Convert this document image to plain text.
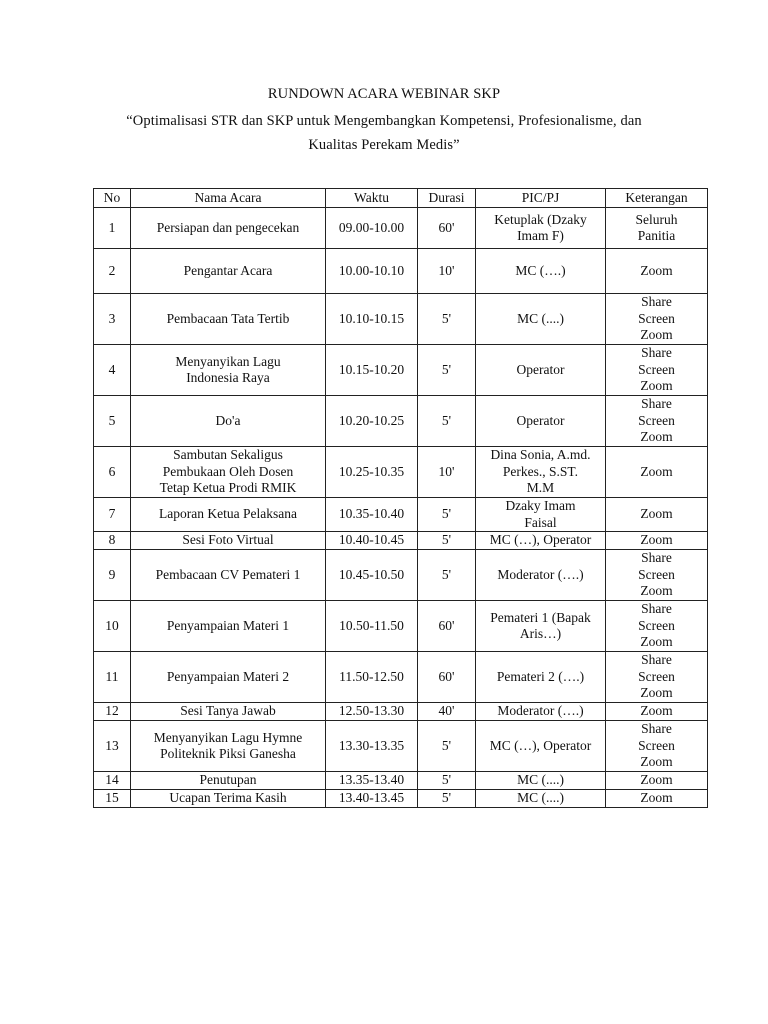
RUNDOWN ACARA WEBINAR SKP
“Optimalisasi STR dan SKP untuk Mengembangkan Kompetensi, Profesionalisme, dan
Kualitas Perekam Medis”
No	Nama Acara	Waktu	Durasi	PIC/PJ	Keterangan
1	Persiapan dan pengecekan	09.00-10.00	60'	Ketuplak (Dzaky
Imam F)	Seluruh
Panitia

2	Pengantar Acara	10.00-10.10	10'	MC (….)	Zoom

3	Pembacaan Tata Tertib	10.10-10.15	5'	MC (....)	Share
Screen
Zoom

4	Menyanyikan Lagu
Indonesia Raya	10.15-10.20	5'	Operator	Share
Screen
Zoom

5	Do'a	10.20-10.25	5'	Operator	Share
Screen
Zoom

6	Sambutan Sekaligus
Pembukaan Oleh Dosen
Tetap Ketua Prodi RMIK	10.25-10.35	10'	Dina Sonia, A.md.
Perkes., S.ST.
M.M	Zoom

7	Laporan Ketua Pelaksana	10.35-10.40	5'	Dzaky Imam
Faisal	Zoom

8	Sesi Foto Virtual	10.40-10.45	5'	MC (…), Operator	Zoom

9	Pembacaan CV Pemateri 1	10.45-10.50	5'	Moderator (….)	Share
Screen
Zoom

10	Penyampaian Materi 1	10.50-11.50	60'	Pemateri 1 (Bapak
Aris…)	Share
Screen
Zoom

11	Penyampaian Materi 2	11.50-12.50	60'	Pemateri 2 (….)	Share
Screen
Zoom

12	Sesi Tanya Jawab	12.50-13.30	40'	Moderator (….)	Zoom

13	Menyanyikan Lagu Hymne
Politeknik Piksi Ganesha	13.30-13.35	5'	MC (…), Operator	Share
Screen
Zoom

14	Penutupan	13.35-13.40	5'	MC (....)	Zoom

15	Ucapan Terima Kasih	13.40-13.45	5'	MC (....)	Zoom
